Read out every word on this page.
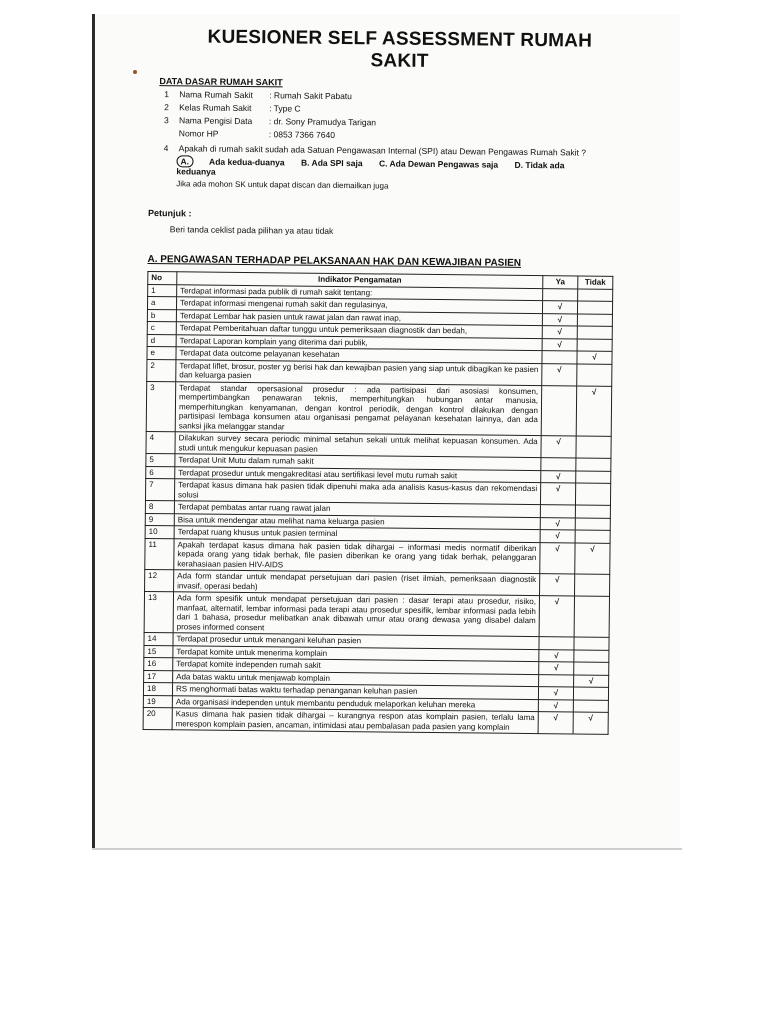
KUESIONER SELF ASSESSMENT RUMAH SAKIT
DATA DASAR RUMAH SAKIT
1	Nama Rumah Sakit	: Rumah Sakit Pabatu
2	Kelas Rumah Sakit	: Type C
3	Nama Pengisi Data	: dr. Sony Pramudya Tarigan
Nomor HP	: 0853 7366 7640
4	Apakah di rumah sakit sudah ada Satuan Pengawasan Internal (SPI) atau Dewan Pengawas Rumah Sakit ?
A. Ada kedua-duanya B. Ada SPI saja C. Ada Dewan Pengawas saja D. Tidak ada keduanya
Jika ada mohon SK untuk dapat discan dan diemailkan juga
Petunjuk :
Beri tanda ceklist pada pilihan ya atau tidak
A. PENGAWASAN TERHADAP PELAKSANAAN HAK DAN KEWAJIBAN PASIEN
No	Indikator Pengamatan	Ya	Tidak
1	Terdapat informasi pada publik di rumah sakit tentang:		
a	Terdapat informasi mengenai rumah sakit dan regulasinya,	√	
b	Terdapat Lembar hak pasien untuk rawat jalan dan rawat inap,	√	
c	Terdapat Pemberitahuan daftar tunggu untuk pemeriksaan diagnostik dan bedah,	√	
d	Terdapat Laporan komplain yang diterima dari publik,	√	
e	Terdapat data outcome pelayanan kesehatan		√
2	Terdapat liflet, brosur, poster yg berisi hak dan kewajiban pasien yang siap untuk dibagikan ke pasien dan keluarga pasien	√	
3	Terdapat standar opersasional prosedur : ada partisipasi dari asosiasi konsumen, mempertimbangkan penawaran teknis, memperhitungkan hubungan antar manusia, memperhitungkan kenyamanan, dengan kontrol periodik, dengan kontrol dilakukan dengan partisipasi lembaga konsumen atau organisasi pengamat pelayanan kesehatan lainnya, dan ada sanksi jika melanggar standar		√
4	Dilakukan survey secara periodic minimal setahun sekali untuk melihat kepuasan konsumen. Ada studi untuk mengukur kepuasan pasien	√	
5	Terdapat Unit Mutu dalam rumah sakit		
6	Terdapat prosedur untuk mengakreditasi atau sertifikasi level mutu rumah sakit	√	
7	Terdapat kasus dimana hak pasien tidak dipenuhi maka ada analisis kasus-kasus dan rekomendasi solusi	√	
8	Terdapat pembatas antar ruang rawat jalan		
9	Bisa untuk mendengar atau melihat nama keluarga pasien	√	
10	Terdapat ruang khusus untuk pasien terminal	√	
11	Apakah terdapat kasus dimana hak pasien tidak dihargai – informasi medis normatif diberikan kepada orang yang tidak berhak, file pasien diberikan ke orang yang tidak berhak, pelanggaran kerahasiaan pasien HIV-AIDS	√	√
12	Ada form standar untuk mendapat persetujuan dari pasien (riset ilmiah, pemeriksaan diagnostik invasif, operasi bedah)	√	
13	Ada form spesifik untuk mendapat persetujuan dari pasien : dasar terapi atau prosedur, risiko, manfaat, alternatif, lembar informasi pada terapi atau prosedur spesifik, lembar informasi pada lebih dari 1 bahasa, prosedur melibatkan anak dibawah umur atau orang dewasa yang disabel dalam proses informed consent	√	
14	Terdapat prosedur untuk menangani keluhan pasien		
15	Terdapat komite untuk menerima komplain	√	
16	Terdapat komite independen rumah sakit	√	
17	Ada batas waktu untuk menjawab komplain		√
18	RS menghormati batas waktu terhadap penanganan keluhan pasien	√	
19	Ada organisasi independen untuk membantu penduduk melaporkan keluhan mereka	√	
20	Kasus dimana hak pasien tidak dihargai – kurangnya respon atas komplain pasien, terlalu lama merespon komplain pasien, ancaman, intimidasi atau pembalasan pada pasien yang komplain	√	√
